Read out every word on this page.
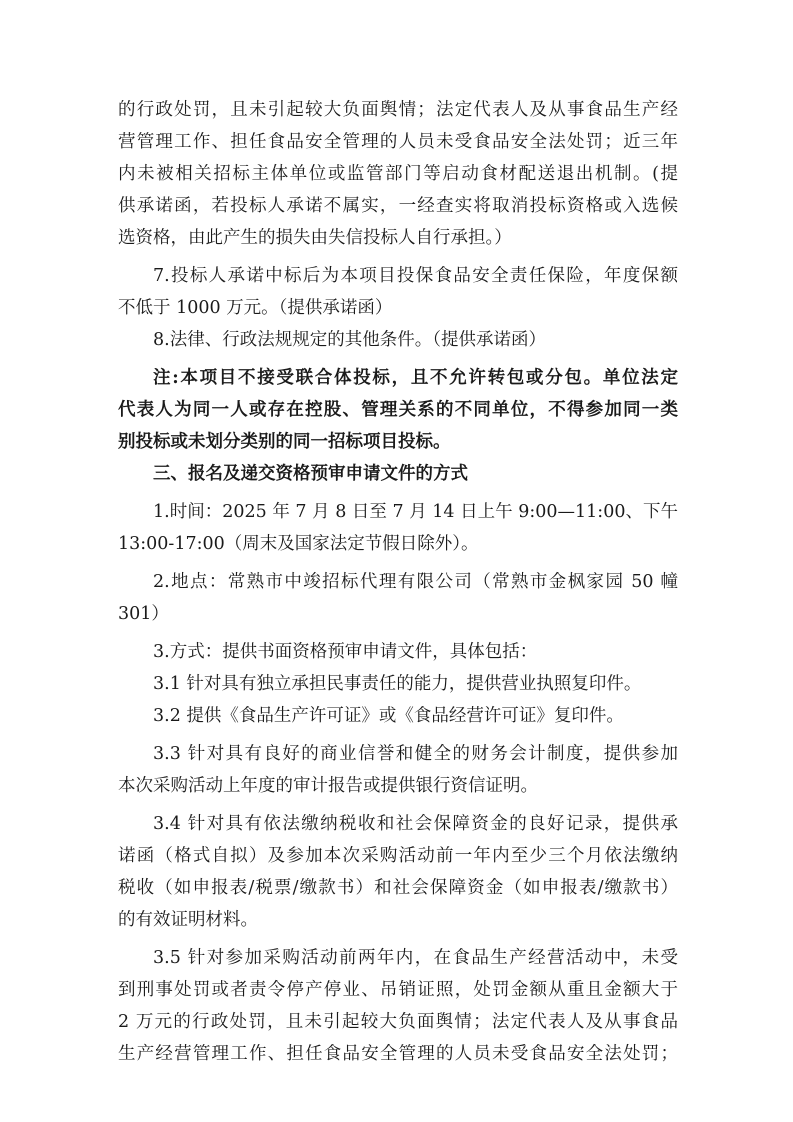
的行政处罚，且未引起较大负面舆情；法定代表人及从事食品生产经
营管理工作、担任食品安全管理的人员未受食品安全法处罚；近三年
内未被相关招标主体单位或监管部门等启动食材配送退出机制。(提
供承诺函，若投标人承诺不属实，一经查实将取消投标资格或入选候
选资格，由此产生的损失由失信投标人自行承担。）
7.投标人承诺中标后为本项目投保食品安全责任保险，年度保额
不低于 1000 万元。（提供承诺函）
8.法律、行政法规规定的其他条件。（提供承诺函）
注:本项目不接受联合体投标，且不允许转包或分包。单位法定
代表人为同一人或存在控股、管理关系的不同单位，不得参加同一类
别投标或未划分类别的同一招标项目投标。
三、报名及递交资格预审申请文件的方式
1.时间：2025 年 7 月 8 日至 7 月 14 日上午 9:00—11:00、下午
13:00-17:00（周末及国家法定节假日除外）。
2.地点：常熟市中竣招标代理有限公司（常熟市金枫家园 50 幢
301）
3.方式：提供书面资格预审申请文件，具体包括：
3.1 针对具有独立承担民事责任的能力，提供营业执照复印件。
3.2 提供《食品生产许可证》或《食品经营许可证》复印件。
3.3 针对具有良好的商业信誉和健全的财务会计制度，提供参加
本次采购活动上年度的审计报告或提供银行资信证明。
3.4 针对具有依法缴纳税收和社会保障资金的良好记录，提供承
诺函（格式自拟）及参加本次采购活动前一年内至少三个月依法缴纳
税收（如申报表/税票/缴款书）和社会保障资金（如申报表/缴款书）
的有效证明材料。
3.5 针对参加采购活动前两年内，在食品生产经营活动中，未受
到刑事处罚或者责令停产停业、吊销证照，处罚金额从重且金额大于
2 万元的行政处罚，且未引起较大负面舆情；法定代表人及从事食品
生产经营管理工作、担任食品安全管理的人员未受食品安全法处罚；
